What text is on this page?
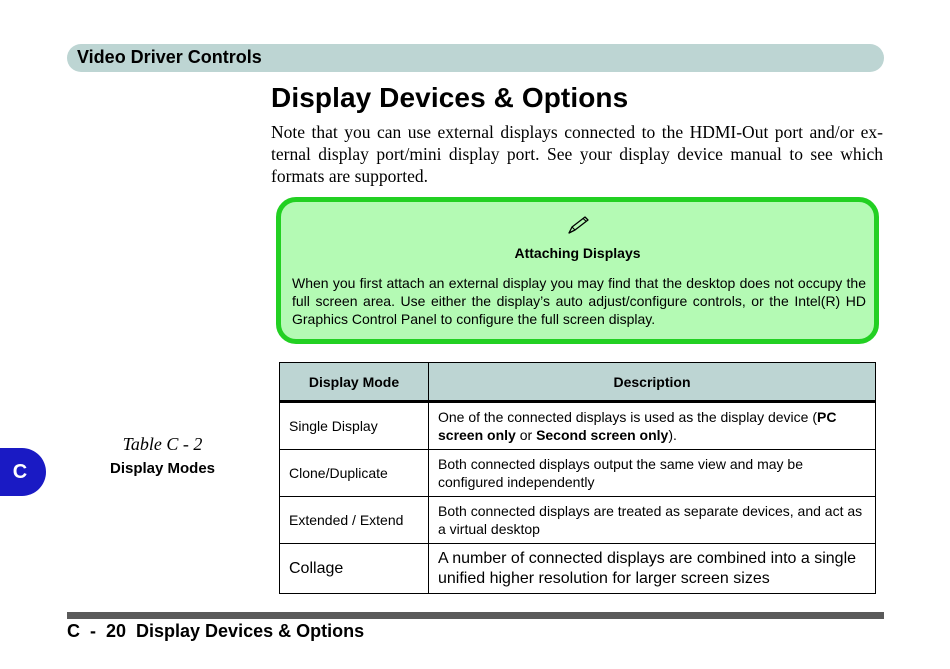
Video Driver Controls
Display Devices & Options

Note that you can use external displays connected to the HDMI-Out port and/or ex-ternal display port/mini display port. See your display device manual to see which formats are supported.

Attaching Displays

When you first attach an external display you may find that the desktop does not occupy the full screen area. Use either the display’s auto adjust/configure controls, or the Intel(R) HD Graphics Control Panel to configure the full screen display.

Table C - 2
Display Modes
Display Mode	Description
Single Display	One of the connected displays is used as the display device (PC screen only or Second screen only).
Clone/Duplicate	Both connected displays output the same view and may be configured independently
Extended / Extend	Both connected displays are treated as separate devices, and act as a virtual desktop
Collage	A number of connected displays are combined into a single unified higher resolution for larger screen sizes
C
C  -  20  Display Devices & Options
